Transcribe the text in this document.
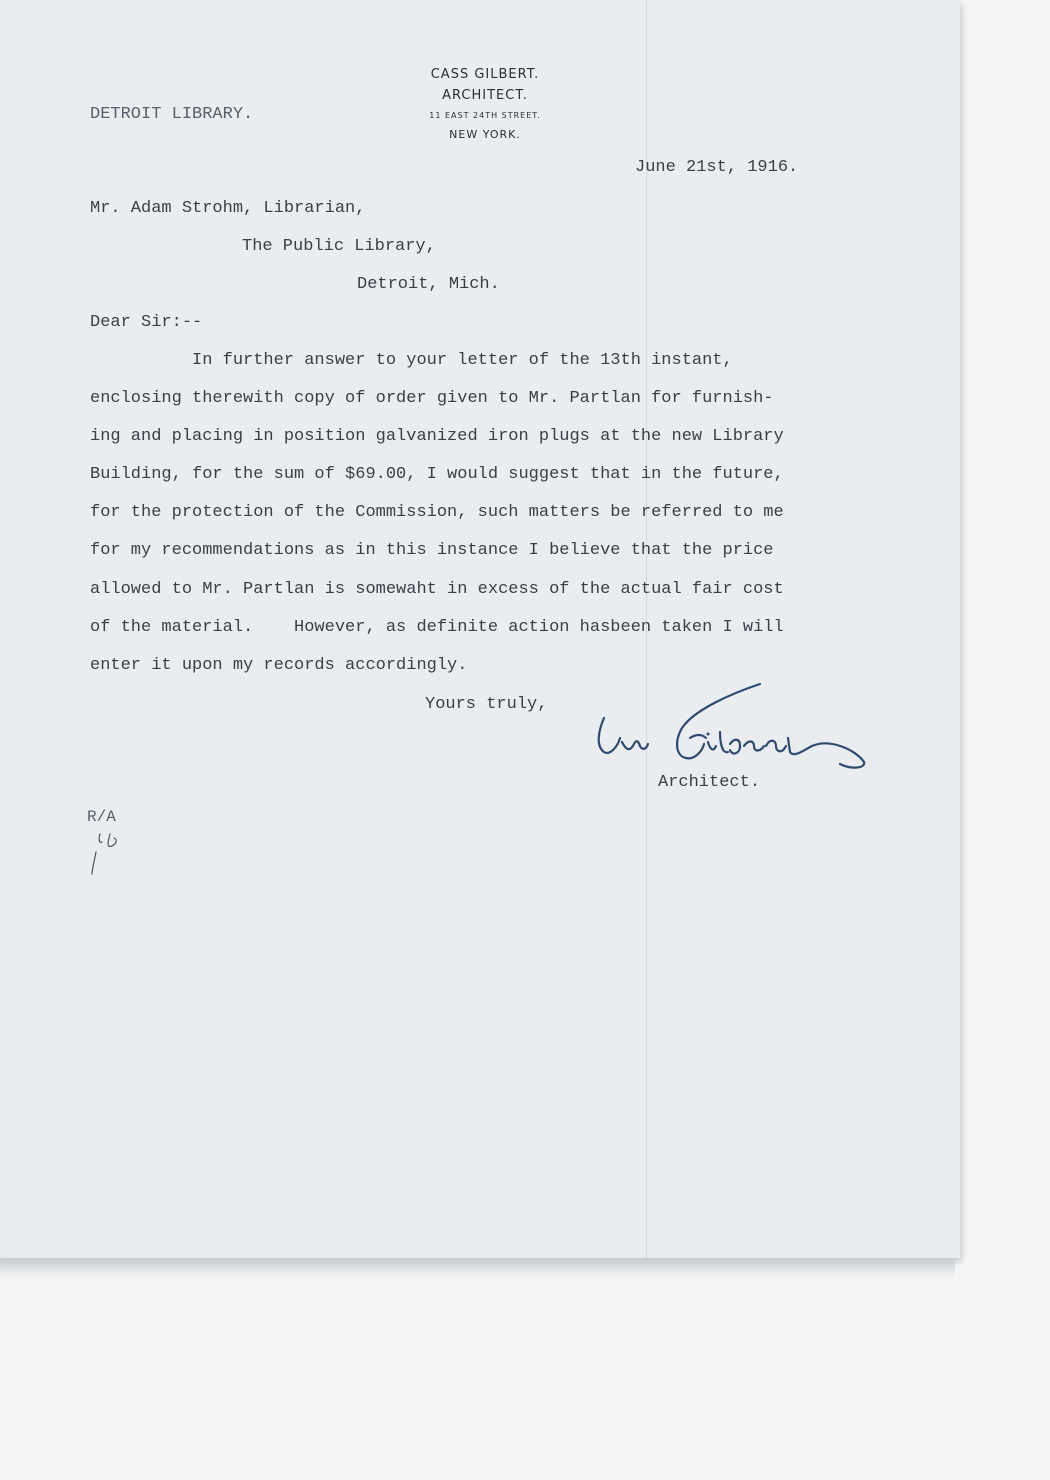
CASS GILBERT.
ARCHITECT.
11 EAST 24TH STREET.
NEW YORK.
DETROIT LIBRARY.
June 21st, 1916.
Mr. Adam Strohm, Librarian,
The Public Library,
Detroit, Mich.
Dear Sir:--
In further answer to your letter of the 13th instant,
enclosing therewith copy of order given to Mr. Partlan for furnish-
ing and placing in position galvanized iron plugs at the new Library
Building, for the sum of $69.00, I would suggest that in the future,
for the protection of the Commission, such matters be referred to me
for my recommendations as in this instance I believe that the price
allowed to Mr. Partlan is somewaht in excess of the actual fair cost
of the material.    However, as definite action hasbeen taken I will
enter it upon my records accordingly.
Yours truly,
Architect.
R/A
